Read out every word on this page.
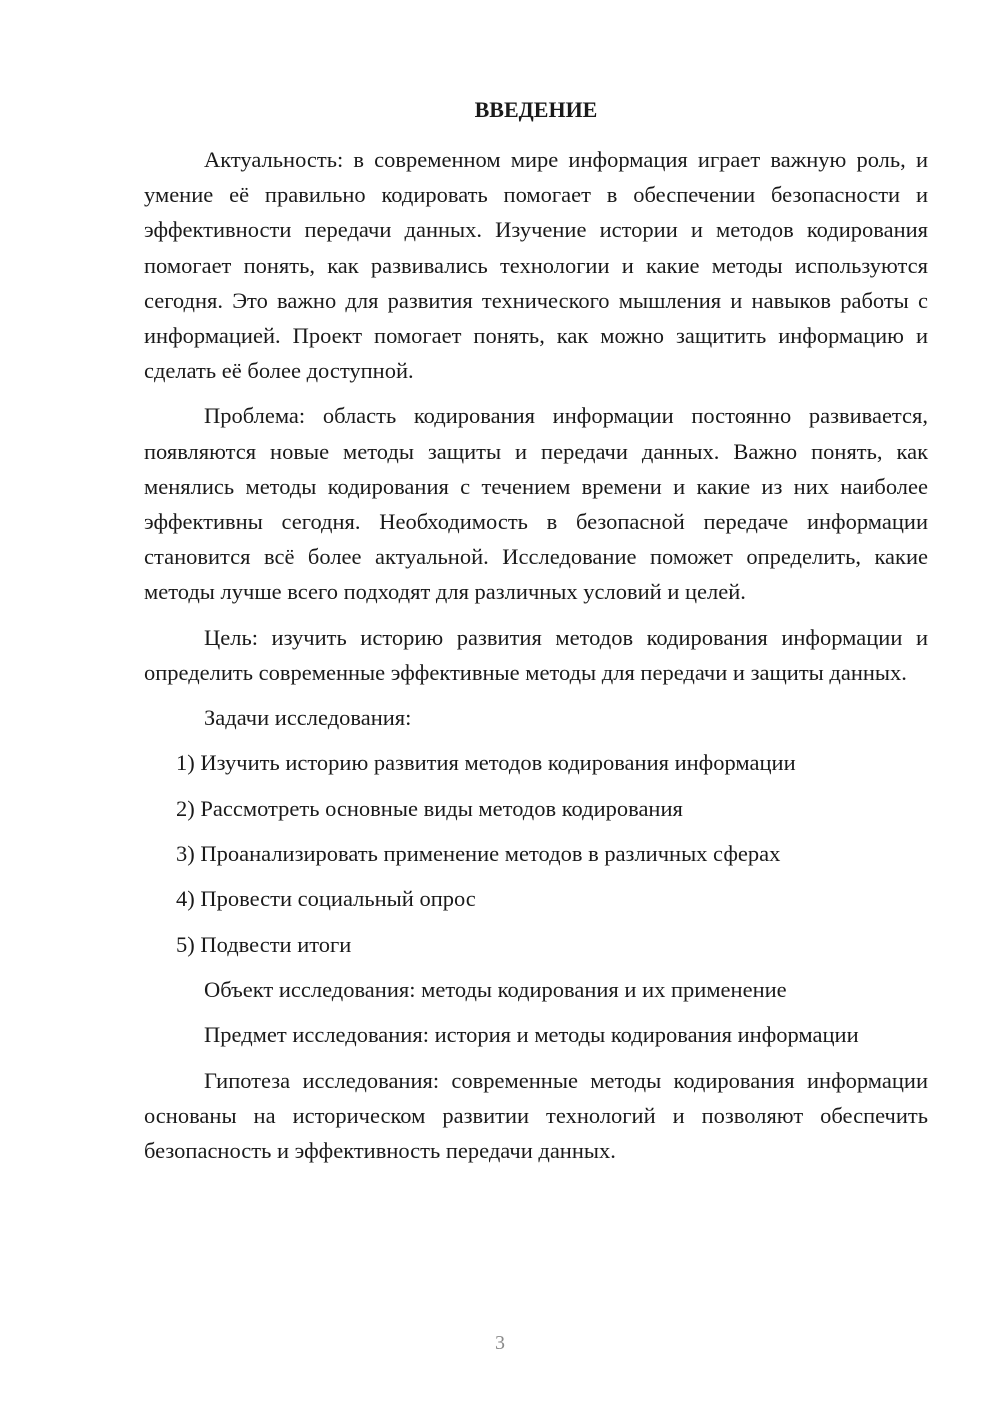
ВВЕДЕНИЕ

Актуальность: в современном мире информация играет важную роль, и умение её правильно кодировать помогает в обеспечении безопасности и эффективности передачи данных. Изучение истории и методов кодирования помогает понять, как развивались технологии и какие методы используются сегодня. Это важно для развития технического мышления и навыков работы с информацией. Проект помогает понять, как можно защитить информацию и сделать её более доступной.

Проблема: область кодирования информации постоянно развивается, появляются новые методы защиты и передачи данных. Важно понять, как менялись методы кодирования с течением времени и какие из них наиболее эффективны сегодня. Необходимость в безопасной передаче информации становится всё более актуальной. Исследование поможет определить, какие методы лучше всего подходят для различных условий и целей.

Цель: изучить историю развития методов кодирования информации и определить современные эффективные методы для передачи и защиты данных.

Задачи исследования:

1) Изучить историю развития методов кодирования информации
2) Рассмотреть основные виды методов кодирования
3) Проанализировать применение методов в различных сферах
4) Провести социальный опрос
5) Подвести итоги

Объект исследования: методы кодирования и их применение

Предмет исследования: история и методы кодирования информации

Гипотеза исследования: современные методы кодирования информации основаны на историческом развитии технологий и позволяют обеспечить безопасность и эффективность передачи данных.

3
